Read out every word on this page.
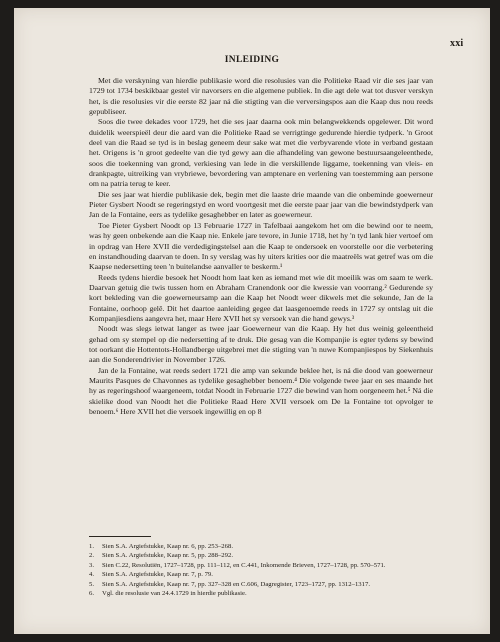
xxi
INLEIDING

Met die verskyning van hierdie publikasie word die resolusies van die Politieke Raad vir die ses jaar van 1729 tot 1734 beskikbaar gestel vir navorsers en die algemene publiek. In die agt dele wat tot dusver verskyn het, is die resolusies vir die eerste 82 jaar ná die stigting van die verversingspos aan die Kaap dus nou reeds gepubliseer.

Soos die twee dekades voor 1729, het die ses jaar daarna ook min belangwekkends opgelewer. Dit word duidelik weerspieël deur die aard van die Politieke Raad se verrigtinge gedurende hierdie tydperk. 'n Groot deel van die Raad se tyd is in beslag geneem deur sake wat met die verbyvarende vlote in verband gestaan het. Origens is 'n groot gedeelte van die tyd gewy aan die afhandeling van gewone bestuursaangeleenthede, soos die toekenning van grond, verkiesing van lede in die verskillende liggame, toekenning van vleis- en drankpagte, uitreiking van vrybriewe, bevordering van amptenare en verlening van toestemming aan persone om na patria terug te keer.

Die ses jaar wat hierdie publikasie dek, begin met die laaste drie maande van die onbeminde goewerneur Pieter Gysbert Noodt se regeringstyd en word voortgesit met die eerste paar jaar van die bewindstydperk van Jan de la Fontaine, eers as tydelike gesaghebber en later as goewerneur.

Toe Pieter Gysbert Noodt op 13 Februarie 1727 in Tafelbaai aangekom het om die bewind oor te neem, was hy geen onbekende aan die Kaap nie. Enkele jare tevore, in Junie 1718, het hy 'n tyd lank hier vertoef om in opdrag van Here XVII die verdedigingstelsel aan die Kaap te ondersoek en voorstelle oor die verbetering en instandhouding daarvan te doen. In sy verslag was hy uiters krities oor die maatreëls wat getref was om die Kaapse nedersetting teen 'n buitelandse aanvaller te beskerm.¹

Reeds tydens hierdie besoek het Noodt hom laat ken as iemand met wie dit moeilik was om saam te werk. Daarvan getuig die twis tussen hom en Abraham Cranendonk oor die kwessie van voorrang.² Gedurende sy kort bekleding van die goewerneursamp aan die Kaap het Noodt weer dikwels met die sekunde, Jan de la Fontaine, oorhoop gelê. Dit het daartoe aanleiding gegee dat laasgenoemde reeds in 1727 sy ontslag uit die Kompanjiesdiens aangevra het, maar Here XVII het sy versoek van die hand gewys.³

Noodt was slegs ietwat langer as twee jaar Goewerneur van die Kaap. Hy het dus weinig geleentheid gehad om sy stempel op die nedersetting af te druk. Die gesag van die Kompanjie is egter tydens sy bewind tot oorkant die Hottentots-Hollandberge uitgebrei met die stigting van 'n nuwe Kompanjiespos by Siekenhuis aan die Sonderendrivier in November 1726.

Jan de la Fontaine, wat reeds sedert 1721 die amp van sekunde beklee het, is ná die dood van goewerneur Maurits Pasques de Chavonnes as tydelike gesaghebber benoem.⁴ Die volgende twee jaar en ses maande het hy as regeringshoof waargeneem, totdat Noodt in Februarie 1727 die bewind van hom oorgeneem het.⁵ Ná die skielike dood van Noodt het die Politieke Raad Here XVII versoek om De la Fontaine tot opvolger te benoem.⁶ Here XVII het die versoek ingewillig en op 8

1.	Sien S.A. Argiefstukke, Kaap nr. 6, pp. 253–268.
2.	Sien S.A. Argiefstukke, Kaap nr. 5, pp. 288–292.
3.	Sien C.22, Resolutiën, 1727–1728, pp. 111–112, en C.441, Inkomende Brieven, 1727–1728, pp. 570–571.
4.	Sien S.A. Argiefstukke, Kaap nr. 7, p. 79.
5.	Sien S.A. Argiefstukke, Kaap nr. 7, pp. 327–328 en C.606, Dagregister, 1723–1727, pp. 1312–1317.
6.	Vgl. die resolusie van 24.4.1729 in hierdie publikasie.
